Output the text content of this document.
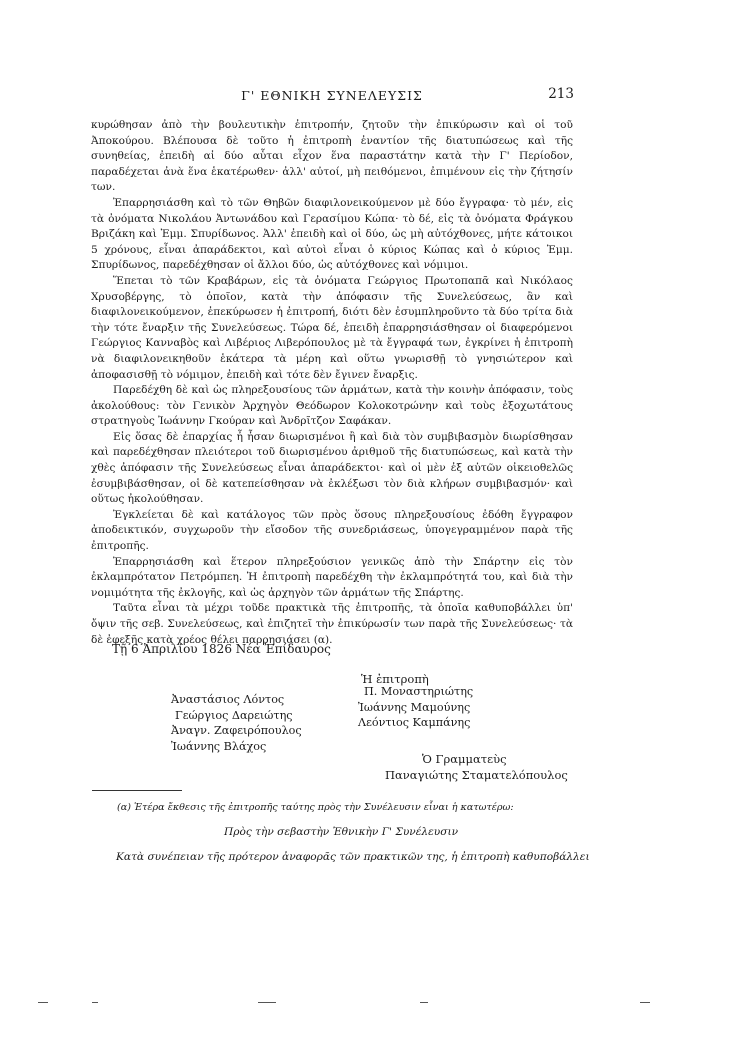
Γ' ΕΘΝΙΚΗ ΣΥΝΕΛΕΥΣΙΣ	213

κυρώθησαν ἀπὸ τὴν βουλευτικὴν ἐπιτροπήν, ζητοῦν τὴν ἐπικύρωσιν καὶ οἱ τοῦ Ἀποκούρου. Βλέπουσα δὲ τοῦτο ἡ ἐπιτροπὴ ἐναντίον τῆς διατυπώσεως καὶ τῆς συνηθείας, ἐπειδὴ αἱ δύο αὗται εἶχον ἕνα παραστάτην κατὰ τὴν Γ' Περίοδον, παραδέχεται ἀνὰ ἕνα ἑκατέρωθεν· ἀλλ' αὐτοί, μὴ πειθόμενοι, ἐπιμένουν εἰς τὴν ζήτησίν των.

Ἐπαρρησιάσθη καὶ τὸ τῶν Θηβῶν διαφιλονεικούμενον μὲ δύο ἔγγραφα· τὸ μέν, εἰς τὰ ὀνόματα Νικολάου Ἀντωνάδου καὶ Γερασίμου Κώπα· τὸ δέ, εἰς τὰ ὀνόματα Φράγκου Βριζάκη καὶ Ἐμμ. Σπυρίδωνος. Ἀλλ' ἐπειδὴ καὶ οἱ δύο, ὡς μὴ αὐτόχθονες, μήτε κάτοικοι 5 χρόνους, εἶναι ἀπαράδεκτοι, καὶ αὐτοὶ εἶναι ὁ κύριος Κώπας καὶ ὁ κύριος Ἐμμ. Σπυρίδωνος, παρεδέχθησαν οἱ ἄλλοι δύο, ὡς αὐτόχθονες καὶ νόμιμοι.

Ἕπεται τὸ τῶν Κραβάρων, εἰς τὰ ὀνόματα Γεώργιος Πρωτοπαπᾶ καὶ Νικόλαος Χρυσοβέργης, τὸ ὁποῖον, κατὰ τὴν ἀπόφασιν τῆς Συνελεύσεως, ἂν καὶ διαφιλονεικούμενον, ἐπεκύρωσεν ἡ ἐπιτροπή, διότι δὲν ἐσυμπληροῦντο τὰ δύο τρίτα διὰ τὴν τότε ἔναρξιν τῆς Συνελεύσεως. Τώρα δέ, ἐπειδὴ ἐπαρρησιάσθησαν οἱ διαφερόμενοι Γεώργιος Κανναβὸς καὶ Λιβέριος Λιβερόπουλος μὲ τὰ ἔγγραφά των, ἐγκρίνει ἡ ἐπιτροπὴ νὰ διαφιλονεικηθοῦν ἑκάτερα τὰ μέρη καὶ οὕτω γνωρισθῇ τὸ γνησιώτερον καὶ ἀποφασισθῇ τὸ νόμιμον, ἐπειδὴ καὶ τότε δὲν ἔγινεν ἔναρξις.

Παρεδέχθη δὲ καὶ ὡς πληρεξουσίους τῶν ἁρμάτων, κατὰ τὴν κοινὴν ἀπόφασιν, τοὺς ἀκολούθους: τὸν Γενικὸν Ἀρχηγὸν Θεόδωρον Κολοκοτρώνην καὶ τοὺς ἐξοχωτάτους στρατηγοὺς Ἰωάννην Γκούραν καὶ Ἀνδρῖτζον Σαφάκαν.

Εἰς ὅσας δὲ ἐπαρχίας ἦ ἦσαν διωρισμένοι ἢ καὶ διὰ τὸν συμβιβασμὸν διωρίσθησαν καὶ παρεδέχθησαν πλειότεροι τοῦ διωρισμένου ἀριθμοῦ τῆς διατυπώσεως, καὶ κατὰ τὴν χθὲς ἀπόφασιν τῆς Συνελεύσεως εἶναι ἀπαράδεκτοι· καὶ οἱ μὲν ἐξ αὐτῶν οἰκειοθελῶς ἐσυμβιβάσθησαν, οἱ δὲ κατεπείσθησαν νὰ ἐκλέξωσι τὸν διὰ κλήρων συμβιβασμόν· καὶ οὕτως ἠκολούθησαν.

Ἐγκλείεται δὲ καὶ κατάλογος τῶν πρὸς ὅσους πληρεξουσίους ἐδόθη ἔγγραφον ἀποδεικτικόν, συγχωροῦν τὴν εἴσοδον τῆς συνεδριάσεως, ὑπογεγραμμένον παρὰ τῆς ἐπιτροπῆς.

Ἐπαρρησιάσθη καὶ ἕτερον πληρεξούσιον γενικῶς ἀπὸ τὴν Σπάρτην εἰς τὸν ἐκλαμπρότατον Πετρόμπεη. Ἡ ἐπιτροπὴ παρεδέχθη τὴν ἐκλαμπρότητά του, καὶ διὰ τὴν νομιμότητα τῆς ἐκλογῆς, καὶ ὡς ἀρχηγὸν τῶν ἁρμάτων τῆς Σπάρτης.

Ταῦτα εἶναι τὰ μέχρι τοῦδε πρακτικὰ τῆς ἐπιτροπῆς, τὰ ὁποῖα καθυποβάλλει ὑπ' ὄψιν τῆς σεβ. Συνελεύσεως, καὶ ἐπιζητεῖ τὴν ἐπικύρωσίν των παρὰ τῆς Συνελεύσεως· τὰ δὲ ἐφεξῆς κατὰ χρέος θέλει παρρησιάσει (α).

Τῇ 6 Ἀπριλίου 1826 Νέα Ἐπίδαυρος
Ἡ ἐπιτροπὴ
Ἀναστάσιος Λόντος
Γεώργιος Δαρειώτης
Ἀναγν. Ζαφειρόπουλος
Ἰωάννης Βλάχος
Π. Μοναστηριώτης
Ἰωάννης Μαμούνης
Λεόντιος Καμπάνης
Ὁ Γραμματεὺς
Παναγιώτης Σταματελόπουλος
(α) Ἑτέρα ἔκθεσις τῆς ἐπιτροπῆς ταύτης πρὸς τὴν Συνέλευσιν εἶναι ἡ κατωτέρω:
Πρὸς τὴν σεβαστὴν Ἐθνικὴν Γ' Συνέλευσιν
Κατὰ συνέπειαν τῆς πρότερον ἀναφορᾶς τῶν πρακτικῶν της, ἡ ἐπιτροπὴ καθυποβάλλει
